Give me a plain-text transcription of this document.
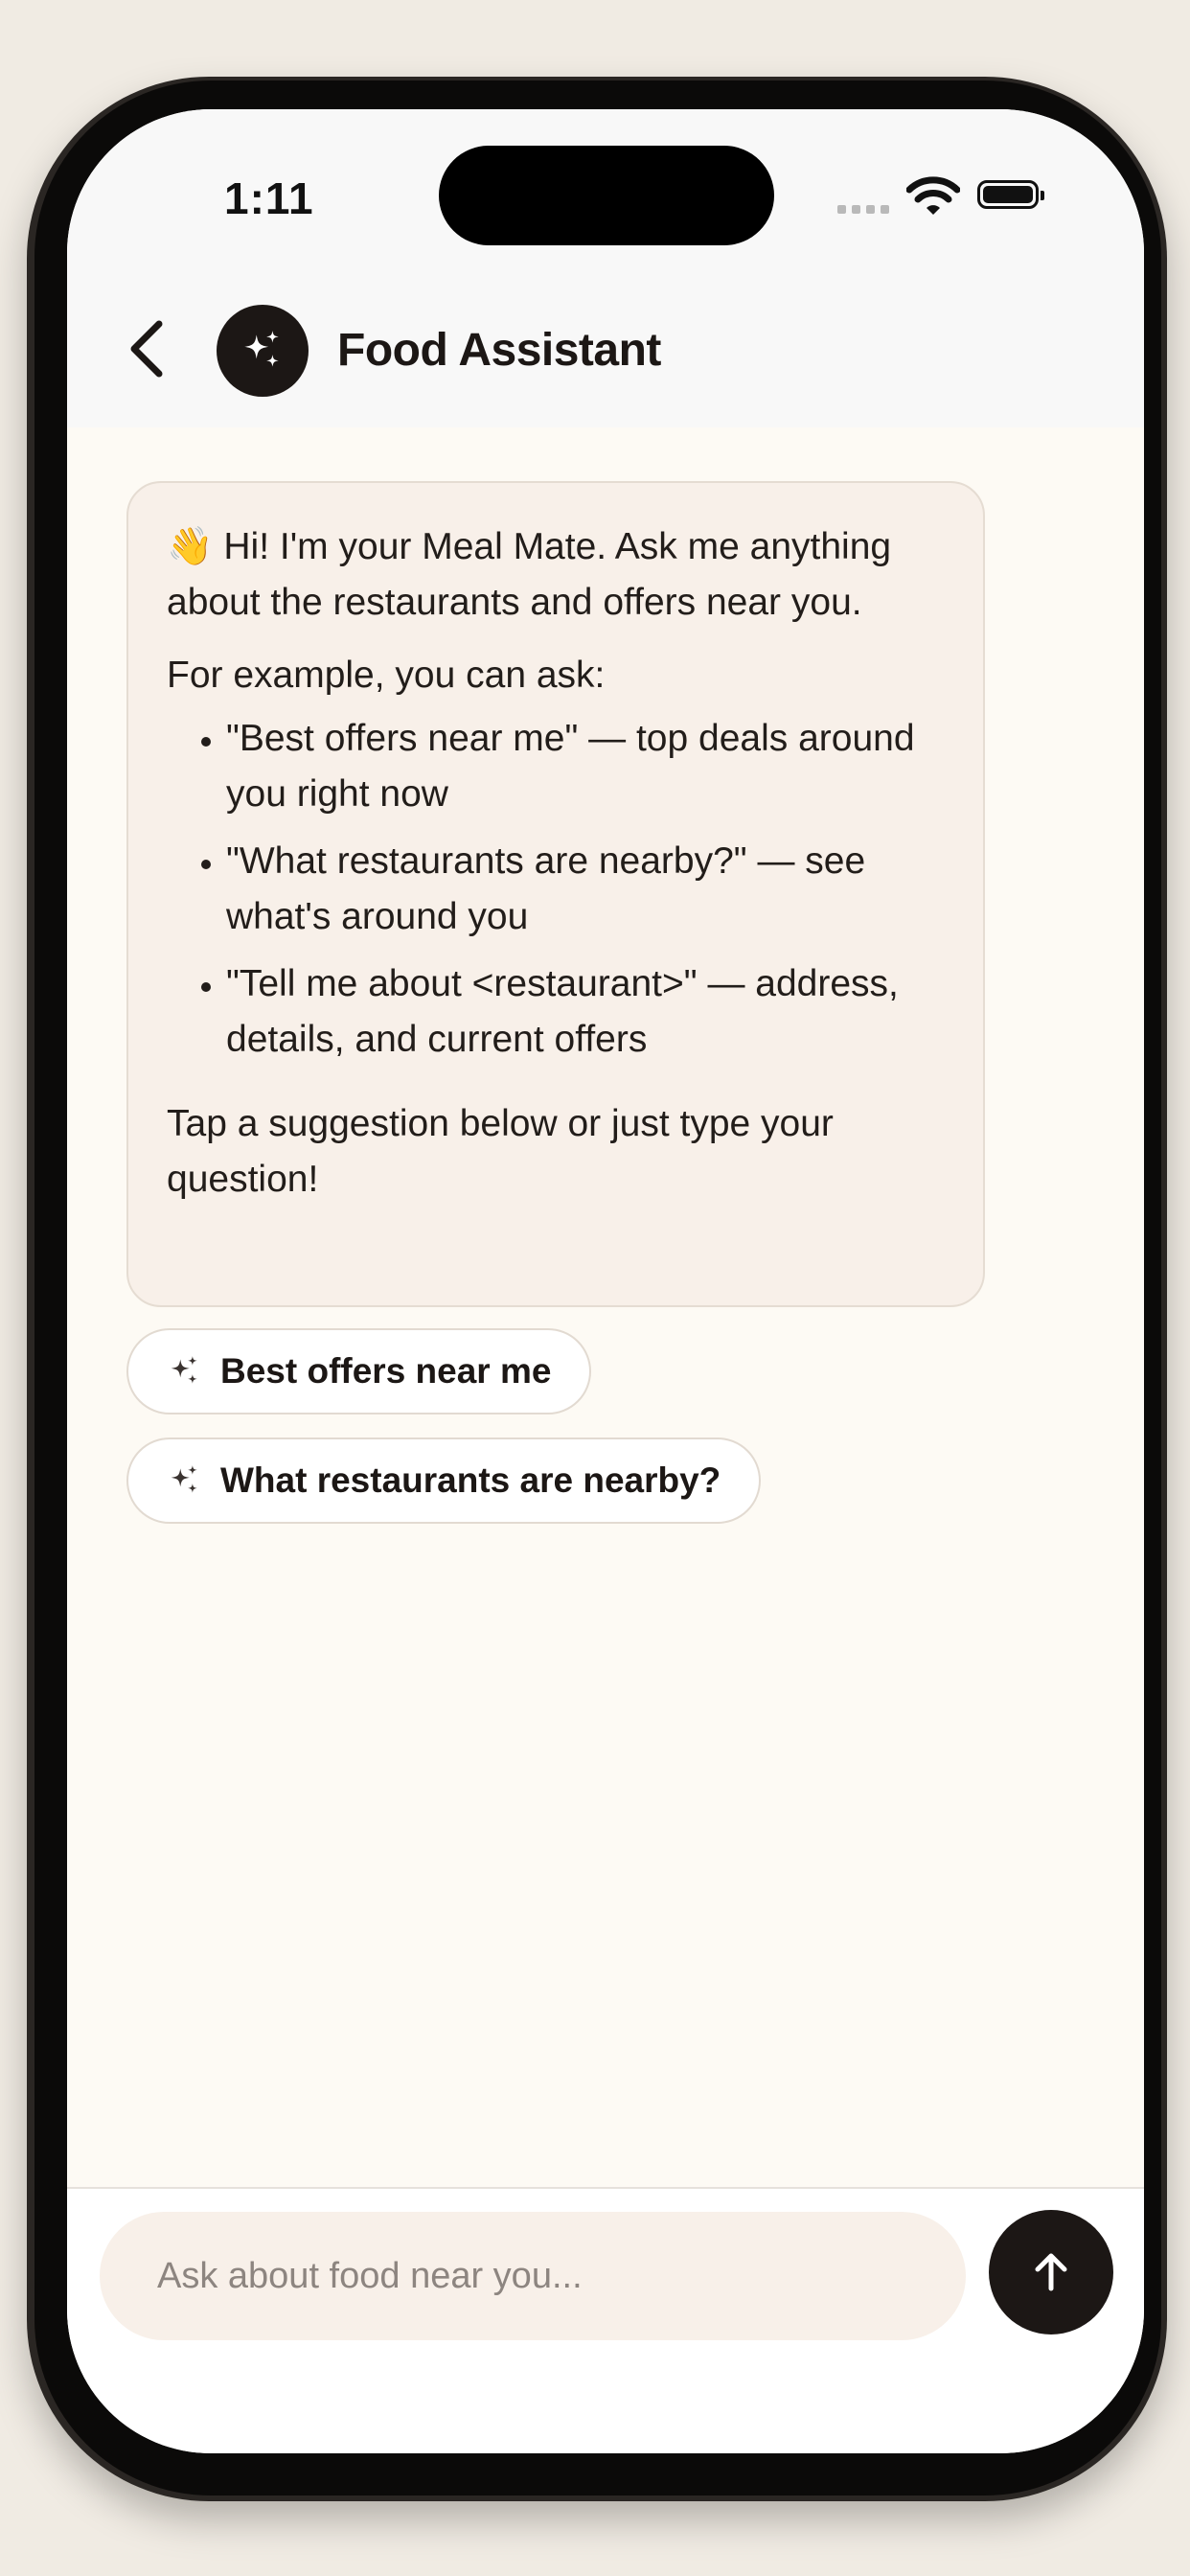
1:11
Food Assistant

👋 Hi! I'm your Meal Mate. Ask me anything about the restaurants and offers near you.

For example, you can ask:

• "Best offers near me" — top deals around you right now
• "What restaurants are nearby?" — see what's around you
• "Tell me about <restaurant>" — address, details, and current offers

Tap a suggestion below or just type your question!

Best offers near me
What restaurants are nearby?
Ask about food near you...
